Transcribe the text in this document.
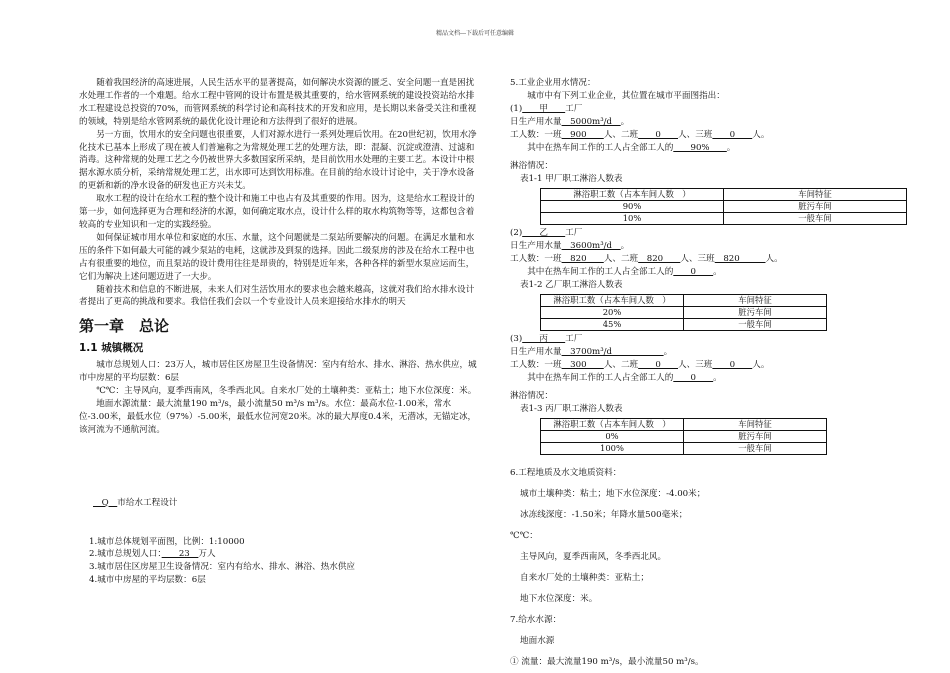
精品文档---下载后可任意编辑

随着我国经济的高速进展，人民生活水平的显著提高，如何解决水资源的匮乏、安全问题一直是困扰水处理工作者的一个难题。给水工程中管网的设计布置是极其重要的，给水管网系统的建设投资站给水排水工程建设总投资的70%，而管网系统的科学讨论和高科技术的开发和应用，是长期以来备受关注和重视的领域，特别是给水管网系统的最优化设计理论和方法得到了很好的进展。

另一方面，饮用水的安全问题也很重要，人们对源水进行一系列处理后饮用。在20世纪初，饮用水净化技术已基本上形成了现在被人们普遍称之为常规处理工艺的处理方法，即：混凝、沉淀或澄清、过滤和消毒。这种常规的处理工艺之今仍被世界大多数国家所采纳，是目前饮用水处理的主要工艺。本设计中根据水源水质分析，采纳常规处理工艺，出水即可达到饮用标准。在目前的给水设计讨论中，关于净水设备的更新和新的净水设备的研发也正方兴未艾。

取水工程的设计在给水工程的整个设计和施工中也占有及其重要的作用。因为，这是给水工程设计的第一步，如何选择更为合理和经济的水源，如何确定取水点，设计什么样的取水构筑物等等，这都包含着较高的专业知识和一定的实践经验。

如何保证城市用水单位和家庭的水压、水量，这个问题就是二泵站所要解决的问题。在满足水量和水压的条件下如何最大可能的减少泵站的电耗，这就涉及到泵的选择。因此二级泵房的涉及在给水工程中也占有很重要的地位，而且泵站的设计费用往往是昂贵的，特别是近年来，各种各样的新型水泵应运而生，它们为解决上述问题迈进了一大步。

随着技术和信息的不断进展，未来人们对生活饮用水的要求也会越来越高，这就对我们给水排水设计者提出了更高的挑战和要求。我信任我们会以一个专业设计人员来迎接给水排水的明天

第一章　总论
1.1 城镇概况

城市总规划人口：23万人，城市居住区房屋卫生设备情况：室内有给水、排水、淋浴、热水供应，城市中房屋的平均层数：6层

℃℃：主导风向，夏季西南风，冬季西北风。自来水厂处的土壤种类：亚粘土；地下水位深度：米。

地面水源流量：最大流量190 m³/s，最小流量50 m³/s m³/s。水位：最高水位-1.00米，常水位-3.00米，最低水位（97%）-5.00米，最低水位河宽20米。冰的最大厚度0.4米，无潜冰，无锚定冰，该河流为不通航河流。

　Q　市给水工程设计

1.城市总体规划平面图，比例：1:10000

2.城市总规划人口：　　23　万人

3.城市居住区房屋卫生设备情况：室内有给水、排水、淋浴、热水供应

4.城市中房屋的平均层数：6层

5.工业企业用水情况：

城市中有下列工业企业，其位置在城市平面图指出：

(1)　　甲　　工厂

日生产用水量　5000m³/d　。

工人数：一班　900　　人、二班　　0　　人、三班　　0　　人。

其中在热车间工作的工人占全部工人的　　90%　　。

淋浴情况：

表1-1 甲厂职工淋浴人数表

淋浴职工数（占本车间人数　）	车间特征
90%	脏污车间
10%	一般车间

(2)　　乙　　工厂

日生产用水量　3600m³/d　。

工人数：一班　820　　人、二班　820　　人、三班　820　　　人。

其中在热车间工作的工人占全部工人的　　0　　。

表1-2 乙厂职工淋浴人数表

淋浴职工数（占本车间人数　）	车间特征
20%	脏污车间
45%	一般车间

(3)　　丙　　工厂

日生产用水量　3700m³/d　　　　　　。

工人数：一班　300　　人、二班　　0　　人、三班　　0　　人。

其中在热车间工作的工人占全部工人的　　0　　。

淋浴情况：

表1-3 丙厂职工淋浴人数表

淋浴职工数（占本车间人数　）	车间特征
0%	脏污车间
100%	一般车间

6.工程地质及水文地质资料：

城市土壤种类：粘土；地下水位深度：-4.00米；

冰冻线深度：-1.50米；年降水量500毫米；

℃℃：

主导风向，夏季西南风，冬季西北风。

自来水厂处的土壤种类：亚粘土；

地下水位深度：米。

7.给水水源：

地面水源

① 流量：最大流量190 m³/s，最小流量50 m³/s。
